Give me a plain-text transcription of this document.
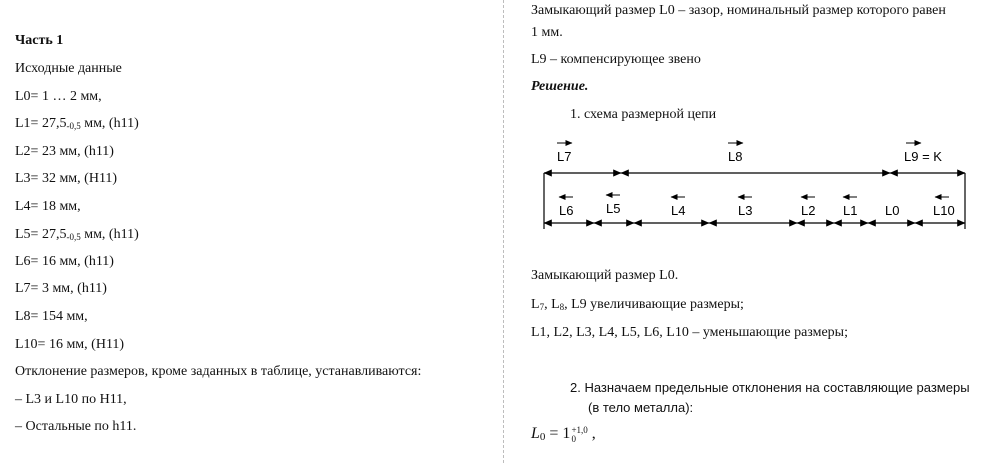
Часть 1
Исходные данные
L0= 1 … 2 мм,
$L1= 27,5_{-0,5}$ мм, (h11)
L2= 23 мм, (h11)
L3= 32 мм, (H11)
L4= 18 мм,
$L5= 27,5_{-0,5}$ мм, (h11)
L6= 16 мм, (h11)
L7= 3 мм, (h11)
L8= 154 мм,
L10= 16 мм, (H11)
Отклонение размеров, кроме заданных в таблице, устанавливаются:
– L3 и L10 по H11,
– Остальные по h11.
Замыкающий размер L0 – зазор, номинальный размер которого равен
1 мм.
L9 – компенсирующее звено
Решение.
1. схема размерной цепи
L7	L8	L9 = K
L6	L5	L4	L3	L2 L1 L0	L10
Замыкающий размер L0.
$L_7$, $L_8$, L9 увеличивающие размеры;
L1, L2, L3, L4, L5, L6, L10 – уменьшающие размеры;
2. Назначаем предельные отклонения на составляющие размеры
(в тело металла):
$L_0 = 1 +1,0$
0 ,
